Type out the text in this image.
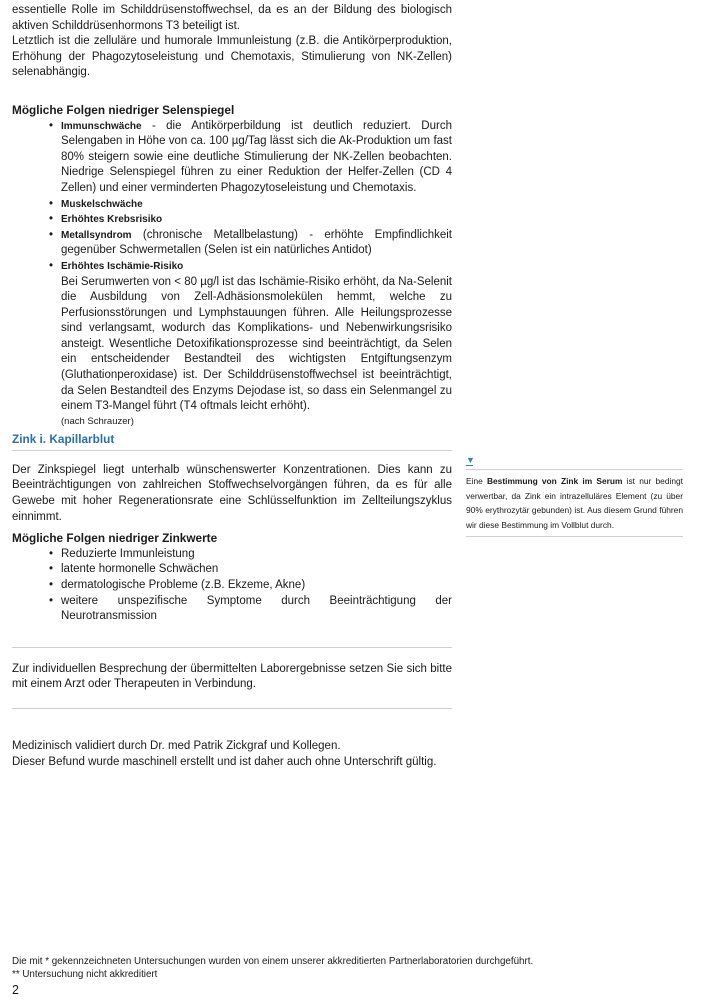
essentielle Rolle im Schilddrüsenstoffwechsel, da es an der Bildung des biologisch aktiven Schilddrüsenhormons T3 beteiligt ist.

Letztlich ist die zelluläre und humorale Immunleistung (z.B. die Antikörperproduktion, Erhöhung der Phagozytoseleistung und Chemotaxis, Stimulierung von NK-Zellen) selenabhängig.

Mögliche Folgen niedriger Selenspiegel
• Immunschwäche - die Antikörperbildung ist deutlich reduziert. Durch Selengaben in Höhe von ca. 100 µg/Tag lässt sich die Ak-Produktion um fast 80% steigern sowie eine deutliche Stimulierung der NK-Zellen beobachten. Niedrige Selenspiegel führen zu einer Reduktion der Helfer-Zellen (CD 4 Zellen) und einer verminderten Phagozytoseleistung und Chemotaxis.
• Muskelschwäche
• Erhöhtes Krebsrisiko
• Metallsyndrom (chronische Metallbelastung) - erhöhte Empfindlichkeit gegenüber Schwermetallen (Selen ist ein natürliches Antidot)
• Erhöhtes Ischämie-Risiko
Bei Serumwerten von < 80 µg/l ist das Ischämie-Risiko erhöht, da Na-Selenit die Ausbildung von Zell-Adhäsionsmolekülen hemmt, welche zu Perfusionsstörungen und Lymphstauungen führen. Alle Heilungsprozesse sind verlangsamt, wodurch das Komplikations- und Nebenwirkungsrisiko ansteigt. Wesentliche Detoxifikationsprozesse sind beeinträchtigt, da Selen ein entscheidender Bestandteil des wichtigsten Entgiftungsenzym (Gluthationperoxidase) ist. Der Schilddrüsenstoffwechsel ist beeinträchtigt, da Selen Bestandteil des Enzyms Dejodase ist, so dass ein Selenmangel zu einem T3-Mangel führt (T4 oftmals leicht erhöht).
(nach Schrauzer)
Zink i. Kapillarblut

Der Zinkspiegel liegt unterhalb wünschenswerter Konzentrationen. Dies kann zu Beeinträchtigungen von zahlreichen Stoffwechselvorgängen führen, da es für alle Gewebe mit hoher Regenerationsrate eine Schlüsselfunktion im Zellteilungszyklus einnimmt.

Mögliche Folgen niedriger Zinkwerte
• Reduzierte Immunleistung
• latente hormonelle Schwächen
• dermatologische Probleme (z.B. Ekzeme, Akne)
• weitere unspezifische Symptome durch Beeinträchtigung der Neurotransmission

Zur individuellen Besprechung der übermittelten Laborergebnisse setzen Sie sich bitte mit einem Arzt oder Therapeuten in Verbindung.

Medizinisch validiert durch Dr. med Patrik Zickgraf und Kollegen.

Dieser Befund wurde maschinell erstellt und ist daher auch ohne Unterschrift gültig.

▼

Eine Bestimmung von Zink im Serum ist nur bedingt verwertbar, da Zink ein intrazelluläres Element (zu über 90% erythrozytär gebunden) ist. Aus diesem Grund führen wir diese Bestimmung im Vollblut durch.

Die mit * gekennzeichneten Untersuchungen wurden von einem unserer akkreditierten Partnerlaboratorien durchgeführt.

** Untersuchung nicht akkreditiert

2
